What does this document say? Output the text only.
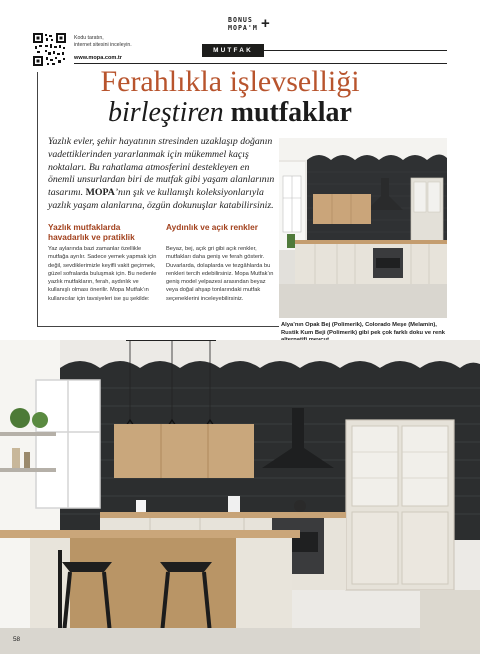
Kodu taratın,
internet sitesini inceleyin.
www.mopa.com.tr
BONUS
MOPA'M +
MUTFAK
Ferahlıkla işlevselliği
birleştiren mutfaklar
Yazlık evler, şehir hayatının stresinden uzaklaşıp doğanın vadettiklerinden yararlanmak için mükemmel kaçış noktaları. Bu rahatlama atmosferini destekleyen en önemli unsurlardan biri de mutfak gibi yaşam alanlarının tasarımı. MOPA’nın şık ve kullanışlı koleksiyonlarıyla yazlık yaşam alanlarına, özgün dokunuşlar katabilirsiniz.
Yazlık mutfaklarda havadarlık ve pratiklik
Yaz aylarında bazi zamanlar özellikle mutfağa ayrılır. Sadece yemek yapmak için değil, sevdiklerimizle keyifli vakit geçirmek, güzel sofralarda buluşmak için. Bu nedenle yazlık mutfakların, ferah, aydınlık ve kullanışlı olması önerilir. Mopa Mutfak’ın kullanıcılar için tavsiyeleri ise şu şekilde:
Aydınlık ve açık renkler
Beyaz, bej, açık gri gibi açık renkler, mutfakları daha geniş ve ferah gösterir. Duvarlarda, dolaplarda ve tezgâhlarda bu renkleri tercih edebilirsiniz. Mopa Mutfak’ın geniş model yelpazesi arasından beyaz veya doğal ahşap tonlarındaki mutfak seçeneklerini inceleyebilirsiniz.
Alya’nın Opak Bej (Polimerik), Colorado Meşe (Melamin), Rustik Kum Beji (Polimerik) gibi pek çok farklı doku ve renk
58
